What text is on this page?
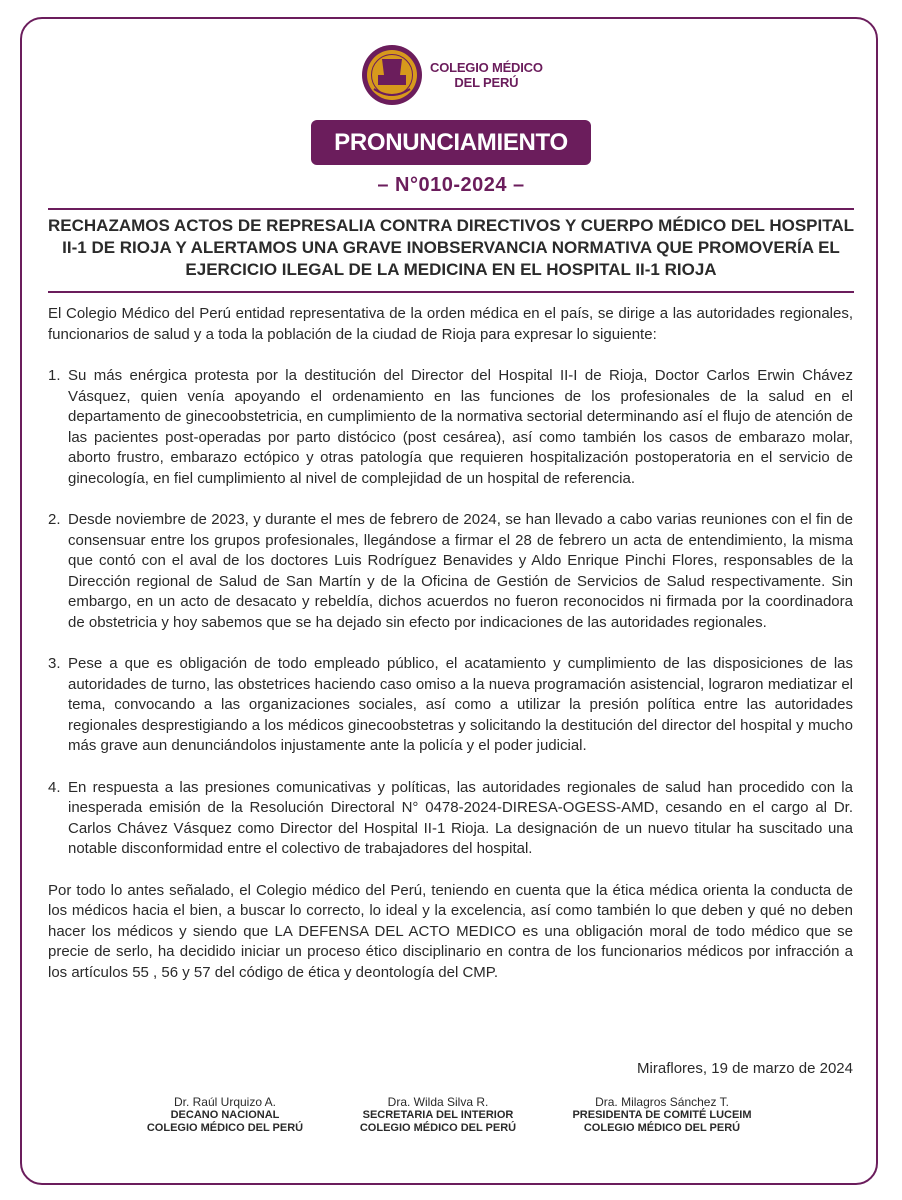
COLEGIO MÉDICO
DEL PERÚ
PRONUNCIAMIENTO
– N°010-2024 –
RECHAZAMOS ACTOS DE REPRESALIA CONTRA DIRECTIVOS Y CUERPO MÉDICO DEL HOSPITAL II-1 DE RIOJA Y ALERTAMOS UNA GRAVE INOBSERVANCIA NORMATIVA QUE PROMOVERÍA EL EJERCICIO ILEGAL DE LA MEDICINA EN EL HOSPITAL II-1 RIOJA

El Colegio Médico del Perú entidad representativa de la orden médica en el país, se dirige a las autoridades regionales, funcionarios de salud y a toda la población de la ciudad de Rioja para expresar lo siguiente:

1. Su más enérgica protesta por la destitución del Director del Hospital II-I de Rioja, Doctor Carlos Erwin Chávez Vásquez, quien venía apoyando el ordenamiento en las funciones de los profesionales de la salud en el departamento de ginecoobstetricia, en cumplimiento de la normativa sectorial determinando así el flujo de atención de las pacientes post-operadas por parto distócico (post cesárea), así como también los casos de embarazo molar, aborto frustro, embarazo ectópico y otras patología que requieren hospitalización postoperatoria en el servicio de ginecología, en fiel cumplimiento al nivel de complejidad de un hospital de referencia.
2. Desde noviembre de 2023, y durante el mes de febrero de 2024, se han llevado a cabo varias reuniones con el fin de consensuar entre los grupos profesionales, llegándose a firmar el 28 de febrero un acta de entendimiento, la misma que contó con el aval de los doctores Luis Rodríguez Benavides y Aldo Enrique Pinchi Flores, responsables de la Dirección regional de Salud de San Martín y de la Oficina de Gestión de Servicios de Salud respectivamente. Sin embargo, en un acto de desacato y rebeldía, dichos acuerdos no fueron reconocidos ni firmada por la coordinadora de obstetricia y hoy sabemos que se ha dejado sin efecto por indicaciones de las autoridades regionales.
3. Pese a que es obligación de todo empleado público, el acatamiento y cumplimiento de las disposiciones de las autoridades de turno, las obstetrices haciendo caso omiso a la nueva programación asistencial, lograron mediatizar el tema, convocando a las organizaciones sociales, así como a utilizar la presión política entre las autoridades regionales desprestigiando a los médicos ginecoobstetras y solicitando la destitución del director del hospital y mucho más grave aun denunciándolos injustamente ante la policía y el poder judicial.
4. En respuesta a las presiones comunicativas y políticas, las autoridades regionales de salud han procedido con la inesperada emisión de la Resolución Directoral N° 0478-2024-DIRESA-OGESS-AMD, cesando en el cargo al Dr. Carlos Chávez Vásquez como Director del Hospital II-1 Rioja. La designación de un nuevo titular ha suscitado una notable disconformidad entre el colectivo de trabajadores del hospital.

Por todo lo antes señalado, el Colegio médico del Perú, teniendo en cuenta que la ética médica orienta la conducta de los médicos hacia el bien, a buscar lo correcto, lo ideal y la excelencia, así como también lo que deben y qué no deben hacer los médicos y siendo que LA DEFENSA DEL ACTO MEDICO es una obligación moral de todo médico que se precie de serlo, ha decidido iniciar un proceso ético disciplinario en contra de los funcionarios médicos por infracción a los artículos 55 , 56 y 57 del código de ética y deontología del CMP.

Miraflores, 19 de marzo de 2024
Dr. Raúl Urquizo A.
DECANO NACIONAL
COLEGIO MÉDICO DEL PERÚ
Dra. Wilda Silva R.
SECRETARIA DEL INTERIOR
COLEGIO MÉDICO DEL PERÚ
Dra. Milagros Sánchez T.
PRESIDENTA DE COMITÉ LUCEIM
COLEGIO MÉDICO DEL PERÚ
